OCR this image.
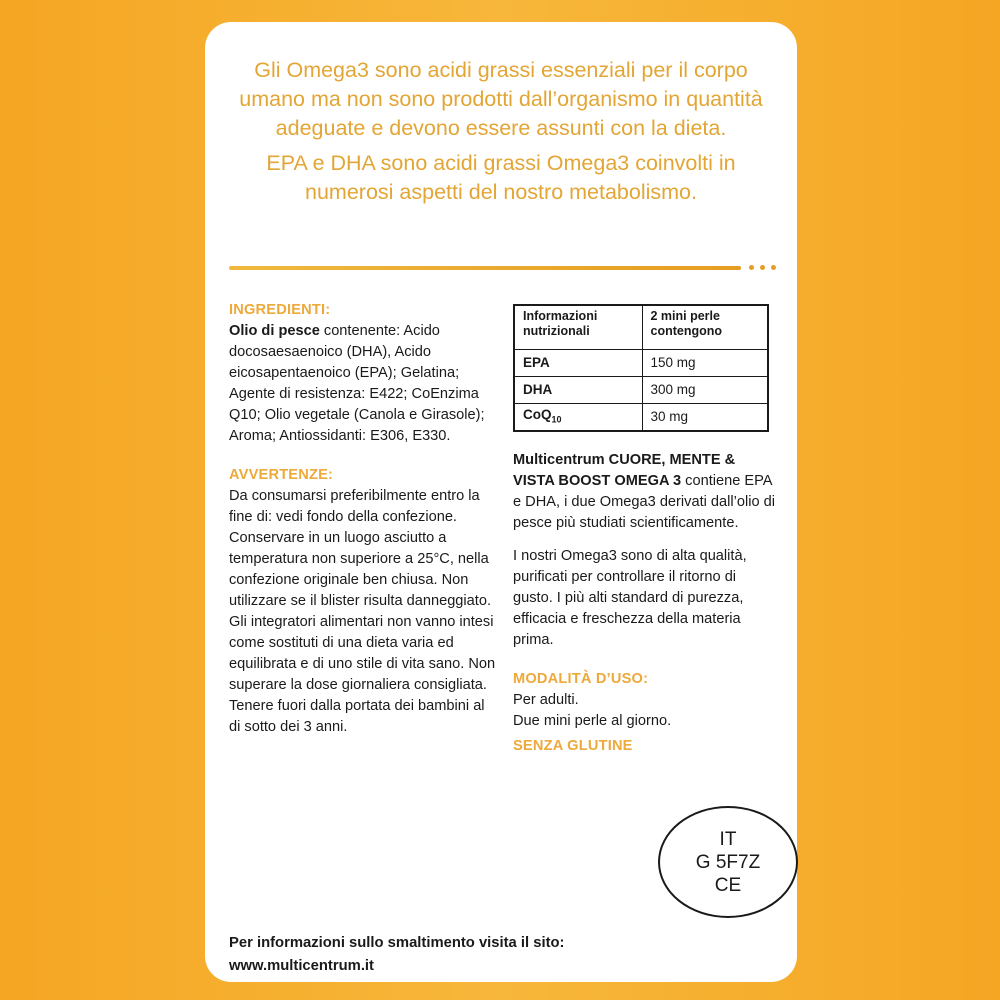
Gli Omega3 sono acidi grassi essenziali per il corpo umano ma non sono prodotti dall’organismo in quantità adeguate e devono essere assunti con la dieta.

EPA e DHA sono acidi grassi Omega3 coinvolti in numerosi aspetti del nostro metabolismo.

INGREDIENTI:
Olio di pesce contenente: Acido docosaesaenoico (DHA), Acido eicosapentaenoico (EPA); Gelatina; Agente di resistenza: E422; CoEnzima Q10; Olio vegetale (Canola e Girasole); Aroma; Antiossidanti: E306, E330.
AVVERTENZE:
Da consumarsi preferibilmente entro la fine di: vedi fondo della confezione. Conservare in un luogo asciutto a temperatura non superiore a 25°C, nella confezione originale ben chiusa. Non utilizzare se il blister risulta danneggiato. Gli integratori alimentari non vanno intesi come sostituti di una dieta varia ed equilibrata e di uno stile di vita sano. Non superare la dose giornaliera consigliata. Tenere fuori dalla portata dei bambini al di sotto dei 3 anni.
Informazioni nutrizionali	2 mini perle contengono
EPA	150 mg
DHA	300 mg
CoQ$_{10}$	30 mg
Multicentrum CUORE, MENTE & VISTA BOOST OMEGA 3 contiene EPA e DHA, i due Omega3 derivati dall’olio di pesce più studiati scientificamente.
I nostri Omega3 sono di alta qualità, purificati per controllare il ritorno di gusto. I più alti standard di purezza, efficacia e freschezza della materia prima.
MODALITÀ D’USO:
Per adulti.
Due mini perle al giorno.
SENZA GLUTINE
IT
G 5F7Z
CE
Per informazioni sullo smaltimento visita il sito:
www.multicentrum.it
